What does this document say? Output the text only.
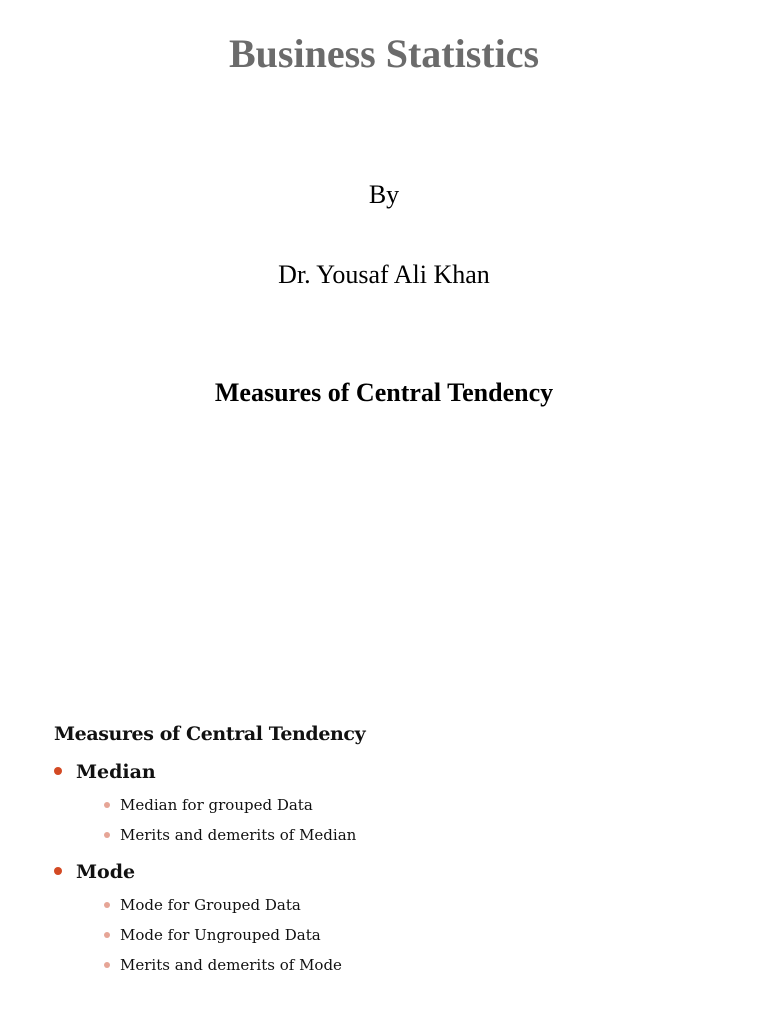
Business Statistics
By
Dr. Yousaf Ali Khan
Measures of Central Tendency
Measures of Central Tendency
Median
Median for grouped Data
Merits and demerits of Median
Mode
Mode for Grouped Data
Mode for Ungrouped Data
Merits and demerits of Mode
